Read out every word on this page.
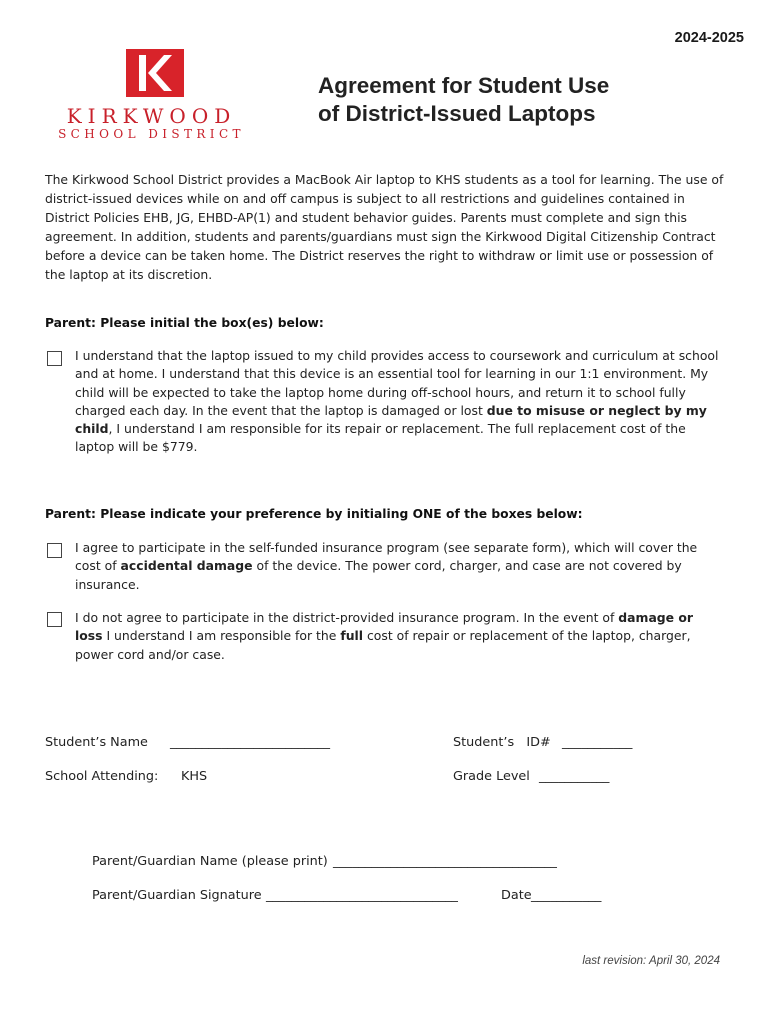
2024-2025
KIRKWOOD
SCHOOL DISTRICT
Agreement for Student Use
of District-Issued Laptops
The Kirkwood School District provides a MacBook Air laptop to KHS students as a tool for learning. The use of district-issued devices while on and off campus is subject to all restrictions and guidelines contained in District Policies EHB, JG, EHBD-AP(1) and student behavior guides. Parents must complete and sign this agreement. In addition, students and parents/guardians must sign the Kirkwood Digital Citizenship Contract before a device can be taken home. The District reserves the right to withdraw or limit use or possession of the laptop at its discretion.
Parent: Please initial the box(es) below:
I understand that the laptop issued to my child provides access to coursework and curriculum at school and at home. I understand that this device is an essential tool for learning in our 1:1 environment. My child will be expected to take the laptop home during off-school hours, and return it to school fully charged each day. In the event that the laptop is damaged or lost due to misuse or neglect by my child, I understand I am responsible for its repair or replacement. The full replacement cost of the laptop will be $779.
Parent: Please indicate your preference by initialing ONE of the boxes below:
I agree to participate in the self-funded insurance program (see separate form), which will cover the cost of accidental damage of the device. The power cord, charger, and case are not covered by insurance.
I do not agree to participate in the district-provided insurance program. In the event of damage or loss I understand I am responsible for the full cost of repair or replacement of the laptop, charger, power cord and/or case.
Student’s Name _________________________	Student’s   ID# ___________
School Attending: KHS	Grade Level ___________
Parent/Guardian Name (please print) ___________________________________
Parent/Guardian Signature ______________________________	Date ___________
last revision: April 30, 2024
